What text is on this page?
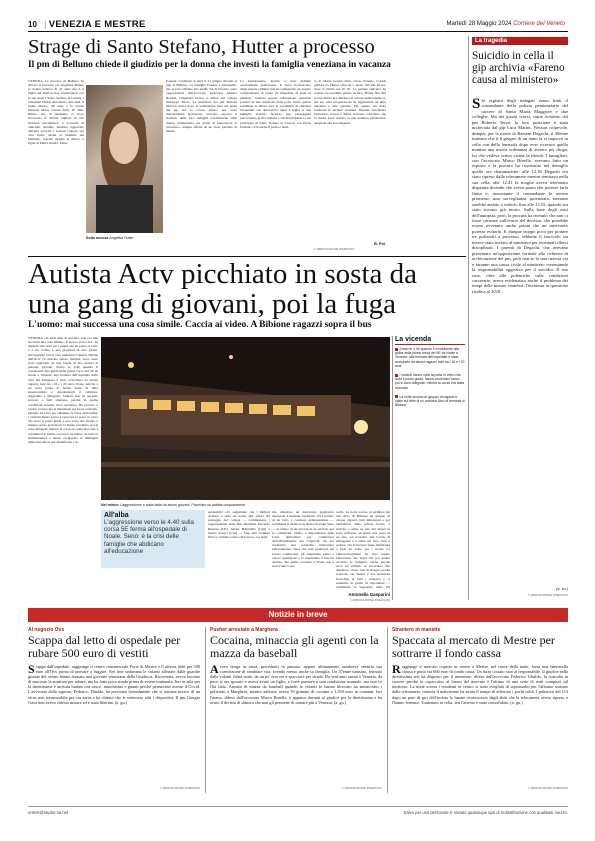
10 | VENEZIA E MESTRE	Martedì 28 Maggio 2024 Corriere del Veneto
Strage di Santo Stefano, Hutter a processo
Il pm di Belluno chiede il giudizio per la donna che investì la famiglia veneziana in vacanza
VENEZIA La procura di Belluno ha chiesto il processo per Angelika Hutter, la donna tedesca di 33 anni che il 6 luglio del 2023 uccise, investendoli con la sua Audi a Santo Stefano di Cadore, i veneziani Mattia Antoniello, due anni, il padre Marco, 48 anni e la nonna materna Maria Grazia Zuin, 65 anni. Hutter, che al momento si trova ricoverata in libertà vigilata in una struttura psichiatrica, è accusata di omicidio stradale plurimo aggravato dall'alta velocità e lesioni colpose per aver ferito anche la mamma del bambino, nonché moglie di Marco e figlia di Maria Grazia, Elena
Sotto accusa Angelika Hutter
Potente. L'udienza si terrà il 21 giugno davanti al gup di Belluno. Le famiglie Potente e Antoniello, che si sono affidate allo studio 3A di Vicenza, sono rappresentate dall'avvocato padovano Alberto Berardi, l'imputata invece è difesa dal collega Giuseppe Triolo. La decisione del pm Simone Marcon arriva dopo la valutazione fatta dai periti del gip che lo scorso marzo, nel corso dell'incidente probatorio, avevano esposto il risultato delle loro indagini psichiatriche sulla donna, definendola «in grado di partecipare al processo», sempre affetta da un vizio parziale di mente.
La trentatreenne, inoltre, è stata definita «socialmente pericolosa». Il vizio riconosciuto dagli esperti a Hutter non ha configurato un quadro compromesso al punto da impedirle di stare in giudizio, tuttavia questa valutazione potrebbe portare ad una riduzione della pena. Entro queste settimane la difesa avrà la possibilità di chiedere l'eventuale rito abbreviato. Quei 6 luglio le due famiglie stavano facendo una passeggiata percorrendo in fila indiana e sul marciapiede la via principale di Santo Stefano di Cadore: con Elena Potente, c'era anche il padre e mari-
to di Maria Grazia Zuin, Lucio Potente. L'Audi guidata da Hutter sfrecciò a quasi 100 km all'ora, dove il limite era di 50. La perizia sull'auto ha escluso un possibile guasto tecnico. Hutter fino alla scorsa marzo era detenuta al carcere della Giudecca, ma era stata prognosticata di aggressioni ad altre detenute e alle guardie. Per questo era stata trasferita in un'altra struttura. Durante l'incidente probatorio accusa e difesa avevano convenuto che la donna fosse trattata in una struttura psichiatrica adeguata alle sue esigenze.
B. Pol.
© RIPRODUZIONE RISERVATA
La tragedia
Suicidio in cella il gip archivia «Fareno causa al ministero»
S Si registro degli indagati erano finiti il comandante della polizia penitenziaria del carcere di Santa Maria Maggiore e due colleghe. Ma nei giorni scorsi, come richiesto dal pm Roberto Terzo, la loro posizione è stata archiviata dal gip Luca Marini. Nessun colpevole, dunque, per la morte di Bassem Degachi, il 38enne tunisino che il 6 giugno di un anno fa si impiccò in cella con della lenzuola dopo aver ricevuto quella mattina una nuova ordinanza di arresto per droga, lui che vedeva ormai vicina la libertà. I famigliari, con l'avvocato Marco Borella, avevano fatto un esposto e la procura ha ricostruito nel dettaglio quelle ore drammatiche: alle 12.30 Degachi era stato ripreso dalle telecamere mentre rientrava nella sua cella, alle 12.41 la moglie aveva telefonato disperata dicendo che aveva paura che potesse farla finita e, nonostante il comandante le avesse promesso una sorveglianza potenziata, nessuno sarebbe andato a vederlo fino alle 13.55, quando era stato trovato già morto. Sulla base degli esiti dell'autopsia, però, la procura ha ritenuto che non ci fosse certezze sull'orario del decesso, che potrebbe essere avvenuto anche prima che un intervento potesse evitarlo. E dunque troppo poco per portare tre poliziotti a processo, sebbene il fascicolo sia invece stato inviato al ministero per eventuali rilievi disciplinari. I parenti di Degachi, che avevano presentato un'opposizione formale alla richiesta di archiviazione del pm, però non se la sono messa via e faranno una causa civile al ministero contestando la responsabilità oggettiva per il suicidio. Il suo caso, oltre alle polemiche sulle condizioni carcerarie, aveva evidenziato anche il problema dei tempi delle misure cautelari: l'inchiesta in questione risaliva al 2018.
(a. zo.)
© RIPRODUZIONE RISERVATA
Autista Actv picchiato in sosta da una gang di giovani, poi la fuga
L'uomo: mai successa una cosa simile. Caccia ai video. A Bibione ragazzi sopra il bus
VENEZIA «In tanti anni di servizio, non era mai successa una cosa simile». E ancora sotto choc, ha disturbi alla vista per i pugni che ha preso al volto e a un occhio e una prognosi di otto giorni. All'ospedale con il viso tumefatto l'autista 50enne dell'Actv c'è arrivato sabato mattina, dopo esser stato aggredito da una banda di una decina di persone giovani. Erano le 4.40 quando il conducente alla guida della prima corsa del 5E da Noale a Venezia, alla fermata dell'ospedale della città del Tempesta è stato avvicinato da alcuni ragazzi, tutti tra i 16 e i 20 anni. Erano arrivati a un certo punto lo hanno preso di mira stuzzicandolo e chiedendogli il cellulare. Aggredito e dileggiato l'autista non ha neppure provato a farli smettere, perché in quelle condizioni sarebbe stato rischioso. Ha provato a lasciar correre ma la situazione era fuori controllo. Quando ha fatto per chiamare le forze dell'ordine, i violenti hanno preso a spaccare la porta in vetro che isola il posto guida e una volta che l'uomo è rimasto senza protezione lo hanno picchiato, poi si sono dileguati, mentre la corsa era stata bloccata. I carabinieri lo hanno soccorso, ne hanno raccolto la testimonianza e hanno recuperato le immagini delle telecamere per identificare i re-
Nel mirino L'aggressione è stata fatta da alcuni giovani. Picchiato un autista cinquantenne
All'alba
L'aggressione verso le 4.40 sulla corsa 5E ferma all'ospedale di Noale. Senò: è la crisi delle famiglie che abdicano all'educazione
sponsabili. «Ci auguriamo che i militari arrivino a dare un nome agli autori del pestaggio del collega — commentano i rappresentanti della Rsu aziendale Riccardo Ruzzon (Uil), Alvise Battistella (Cgil) e Guido Scarpa (Cisl) — Stop alla violenza fisica e verbale contro chi lavora». Le sigle
che chiedono un intervento legislativo nazionale. L'azienda condanna: «Si è trattato di un fatto a carattere delinquenziale — commenta il direttore di Avm Giovanni Seno — al danno di un lavoratore in servizio per la collettività. Siamo a disposizione delle forze dell'ordine per collaborare all'individuazione dei colpevoli. Se per normativa non possiamo intervenire nell'eventuale causa che sarà promossa dal nostro conducente, gli auguriamo pieno e veloce guarigione e lo aspettiamo a braccia aperte». Ma quello accaduto a Noale non è stato l'unico epi-
sodio. La notte scorsa, al terminal dei bus Atvo di Bibione un gruppo di cinque ragazzi, tutti minorenni e poi identificati dalla polizia locale, è riuscito a salire su uno dei mezzi in sosta nell'area, ad aprire una porta di un bus, ad accedere alla botola di emergenza e a salire sul tetto. Non è escluso che la bravata fosse finalizzata a farsi un video per i social. La videosorveglianza ha reso rapido l'intervento dei vigili che poi hanno avvisato le famiglie, anche perché Atvo ha valutato se procedere alla denuncia. «Sono casi di disagio sociale scaricato sui mezzi e sul personale front-line di tutti i trasporti e ci sentiamo in grado di rispondere — commenta la segreteria della Fit
Antonella Gasparini
© RIPRODUZIONE RISERVATA
La vicenda
Erano le 4.40 quando il conducente alla guida della prima corsa del 5E da Noale a Venezia, alla fermata dell'ospedale è stato avvicinato da alcuni ragazzi, tutti tra i 16 e i 20 anni
I violenti hanno rotto la porta in vetro che isola il posto guida, hanno picchiato l'uomo, poi si sono dileguati, mentre la corsa era stata bloccata
La notte scorsa un gruppo di ragazzi è salito sul tetto di un autobus Atvo al terminal di Bibione
Notizie in breve
Al negozio Ovs
Scappa dal letto di ospedale per rubare 500 euro di vestiti
Scappa dall'ospedale, raggiunge il centro commerciale Porte di Mestre e li afferra abiti per 500 euro all'Ovs prima di provare a fuggire. Nel fine settimana le volanti allertate dalle guardie giurate del centro hanno fermato una giovane veneziana della Giudecca. Ricoverata, aveva lasciato di nascosto la struttura per rubare, ma ha fatto poca strada prima di essere trattenuta. Ieri in aula per la direttissima è arrivata badata con casco, mascherina e guanti perché pensavano avesse il Covid. L'avvocato della signora, Federico Tibaldo, ha precisato formalmente che si trattava invece di un virus non trasmissibile per via aerea e ha chiesto che le venissero tolti i dispositivi. Il pm Giorgio Gava non aveva chiesto misure ed è stata liberata. (a. gu.)
© RIPRODUZIONE RISERVATA
Pusher arrestato a Marghera
Cocaina, minaccia gli agenti con la mazza da baseball
Aveva droga in tasca, precedenti in passato, eppure ultimamente sembrava sentirla sua convinzione di cambiare vita, avendo messo anche su famiglia. Un 37enne tunisino, fermato dalle volanti l'altra notte, da un po' non era a spacciare per strada. Da vent'anni ormai a Venezia, da poco si era sposato e aveva avuto un figlio, e forse puntava a una condizione normale, ma non ce l'ha fatta. Armato di mazza da baseball quando le volanti lo hanno bloccato ha minacciato i poliziotti a Marghera, mentre addosso aveva 19 grammi di cocaina e 1.350 euro in contanti. Ieri l'uomo, difeso dall'avvocato Marco Borella, è apparso davanti al giudice per la direttissima e ha avuto il divieto di dimora che non gli permette di tornare più a Venezia. (a. gu.)
© RIPRODUZIONE RISERVATA
Straniero in manette
Spaccata al mercato di Mestre per sottrarre il fondo cassa
Raggiunge il mercato coperto in centro a Mestre, nel cuore della notte, forza una bancarella chiusa e porta via 660 euro di fondo cassa. Un furto costato caro al responsabile. Il giudice nella direttissima ieri ha disposto per il momento, difeso dall'avvocato Federico Tibaldo, la custodia in carcere perché la «spaccata» al banco del mercato è l'ultimo di una serie di reati compiuti sul territorio. La notte scorsa i residenti in centro si sono svegliati di soprassalto per l'allarme scattato dalle telecamere, tuttavia il malvivente ha avuto il tempo di afferrare i pochi soldi. I poliziotti del 113 dopo un paio di giri dell'isolato lo hanno riconosciuto dagli abiti che la telecamera aveva ripreso e l'hanno fermato. Trattenuto in cella, ieri l'arresto è stato convalidato. (a. gu.)
© RIPRODUZIONE RISERVATA
ormes@studio-3a.net	Salvo per uso personale e' vietato qualunque tipo di redistribuzione con qualsiasi mezzo.
